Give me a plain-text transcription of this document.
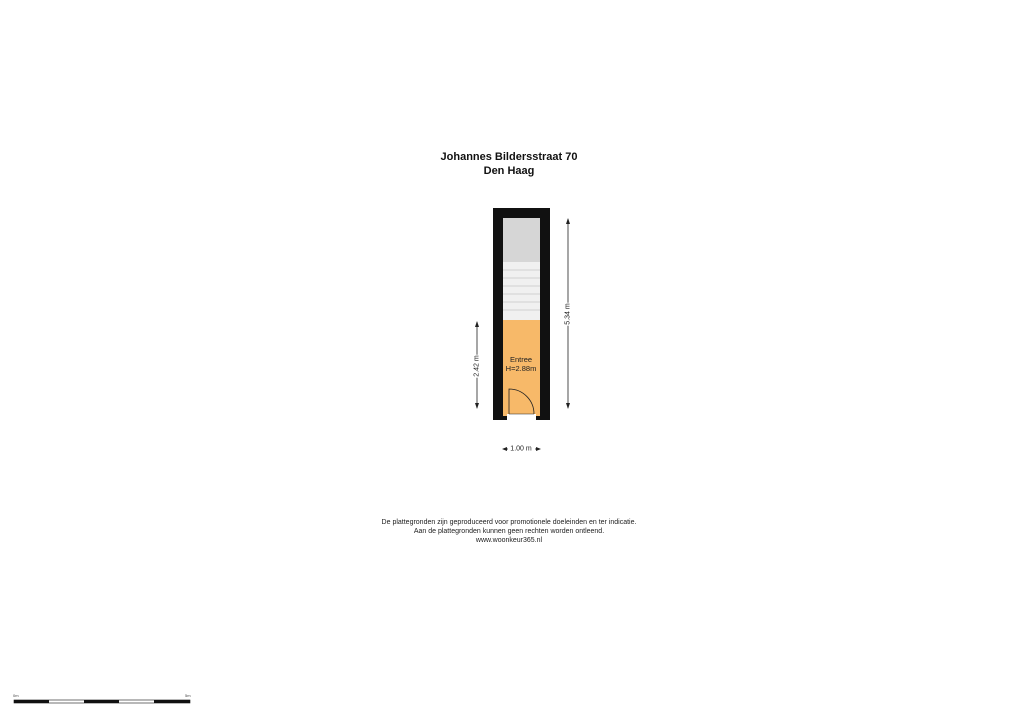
Johannes Bildersstraat 70
Den Haag
Entree
H=2.88m
5.34 m
2.42 m
1.00 m
De plattegronden zijn geproduceerd voor promotionele doeleinden en ter indicatie.
Aan de plattegronden kunnen geen rechten worden ontleend.
www.woonkeur365.nl
0m	5m
